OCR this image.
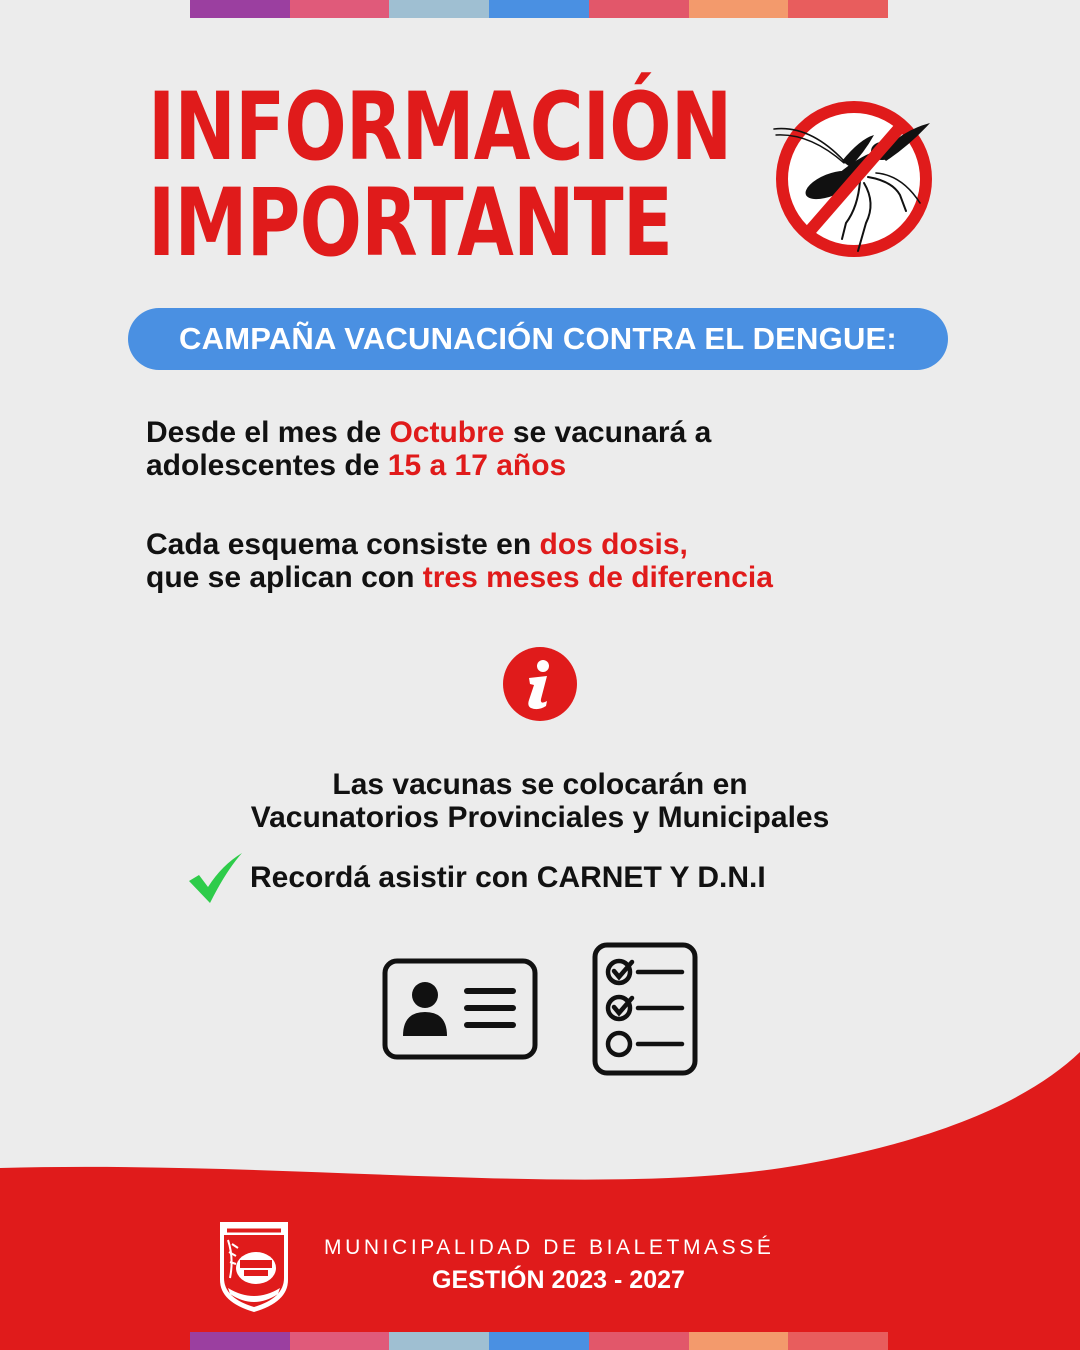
INFORMACIÓN
IMPORTANTE
CAMPAÑA VACUNACIÓN CONTRA EL DENGUE:

Desde el mes de Octubre se vacunará a
adolescentes de 15 a 17 años

Cada esquema consiste en dos dosis,
que se aplican con tres meses de diferencia

Las vacunas se colocarán en
Vacunatorios Provinciales y Municipales

Recordá asistir con CARNET Y D.N.I

MUNICIPALIDAD DE BIALETMASSÉ

GESTIÓN 2023 - 2027
